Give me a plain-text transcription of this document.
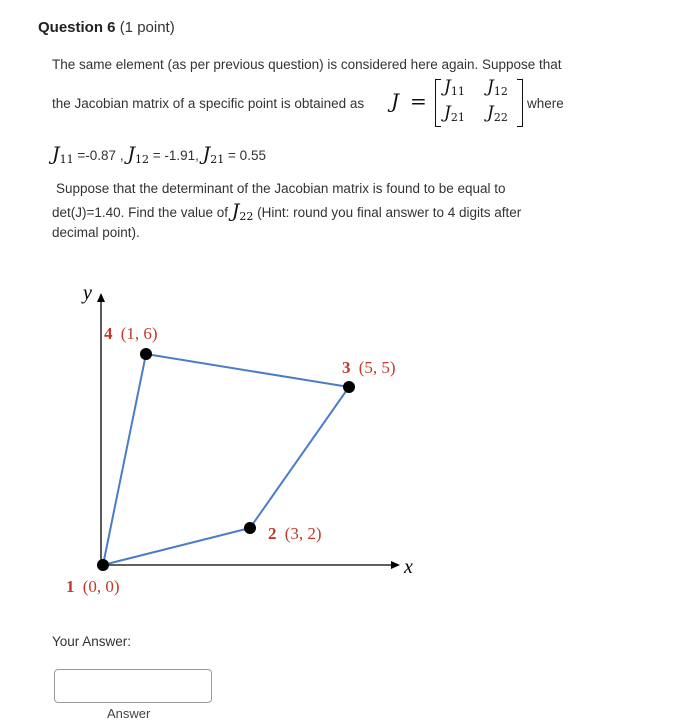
Question 6 (1 point)
The same element (as per previous question) is considered here again. Suppose that
the Jacobian matrix of a specific point is obtained as J =
$J_{11}$ $J_{12}$
$J_{21}$ $J_{22}$
where
$J_{11} =-0.87$ , $J_{12} = -1.91$, $J_{21} = 0.55$
Suppose that the determinant of the Jacobian matrix is found to be equal to
det(J)=1.40. Find the value of $J_{22}$ (Hint: round you final answer to 4 digits after
decimal point).
y
x
1 (0, 0)
2 (3, 2)
3 (5, 5)
4 (1, 6)
Your Answer:
Answer
